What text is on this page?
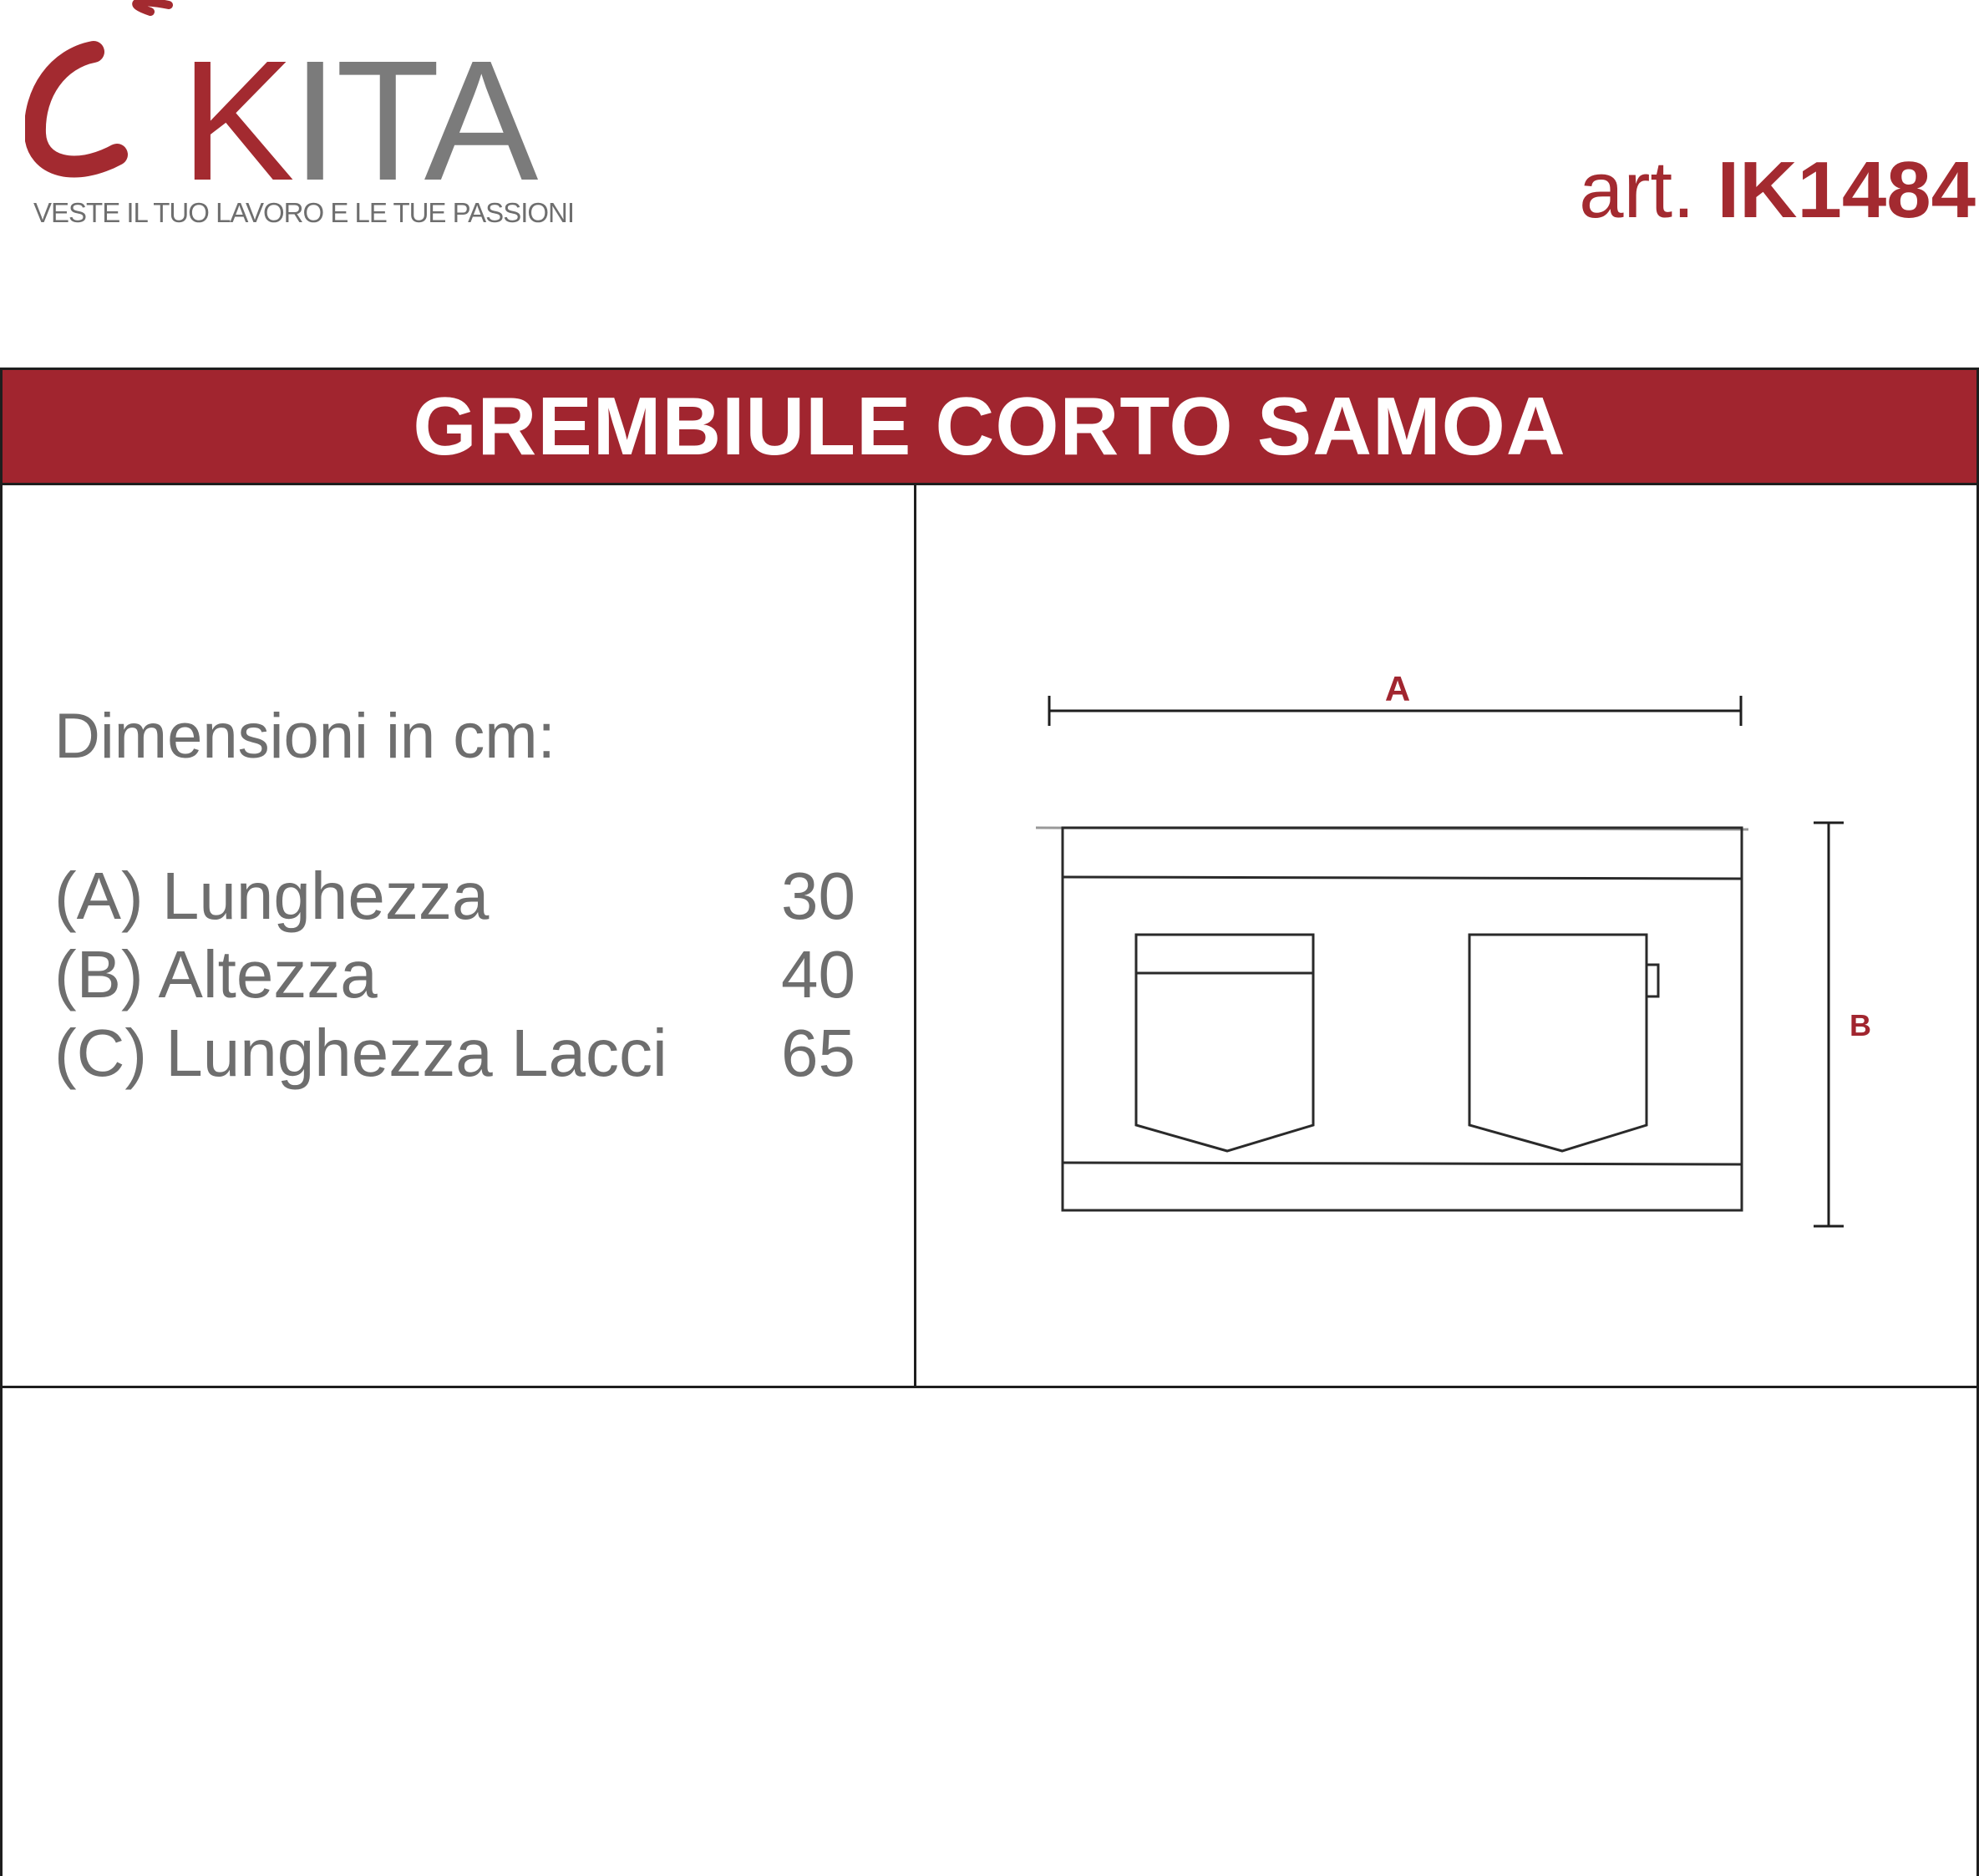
KITA
VESTE IL TUO LAVORO E LE TUE PASSIONI	art. IK1484
GREMBIULE CORTO SAMOA
Dimensioni in cm:
(A) Lunghezza	30
(B) Altezza	40
(C) Lunghezza Lacci 65
A
B
